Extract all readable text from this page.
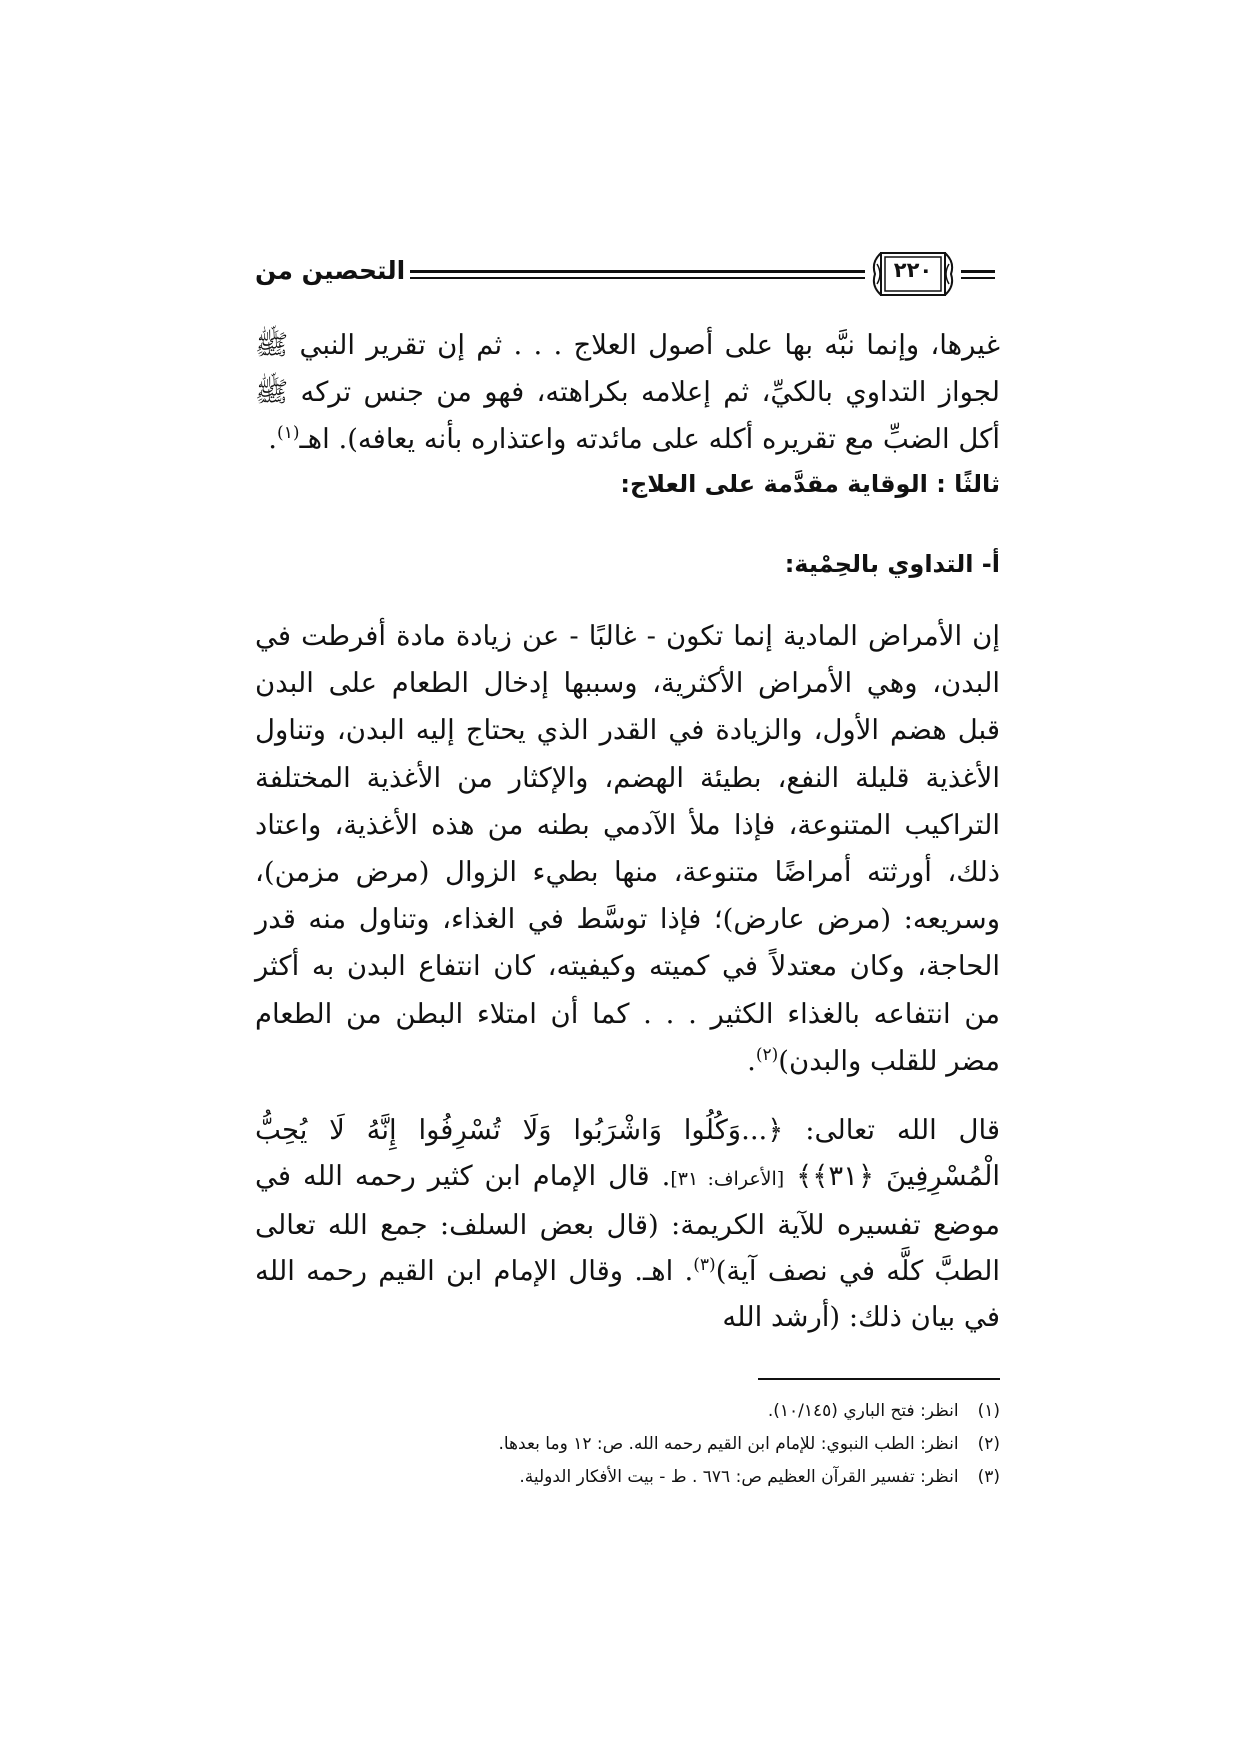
التحصين من	٢٢٠
غيرها، وإنما نبَّه بها على أصول العلاج . . . ثم إن تقرير النبي ﷺ لجواز التداوي بالكيِّ، ثم إعلامه بكراهته، فهو من جنس تركه ﷺ أكل الضبِّ مع تقريره أكله على مائدته واعتذاره بأنه يعافه). اهـ$^{(١)}$.
ثالثًا : الوقاية مقدَّمة على العلاج:
أ- التداوي بالحِمْية:
إن الأمراض المادية إنما تكون - غالبًا - عن زيادة مادة أفرطت في البدن، وهي الأمراض الأكثرية، وسببها إدخال الطعام على البدن قبل هضم الأول، والزيادة في القدر الذي يحتاج إليه البدن، وتناول الأغذية قليلة النفع، بطيئة الهضم، والإكثار من الأغذية المختلفة التراكيب المتنوعة، فإذا ملأ الآدمي بطنه من هذه الأغذية، واعتاد ذلك، أورثته أمراضًا متنوعة، منها بطيء الزوال (مرض مزمن)، وسريعه: (مرض عارض)؛ فإذا توسَّط في الغذاء، وتناول منه قدر الحاجة، وكان معتدلاً في كميته وكيفيته، كان انتفاع البدن به أكثر من انتفاعه بالغذاء الكثير . . . كما أن امتلاء البطن من الطعام مضر للقلب والبدن)$^{(٢)}$.
قال الله تعالى: ﴿...وَكُلُوا وَاشْرَبُوا وَلَا تُسْرِفُوا إِنَّهُ لَا يُحِبُّ الْمُسْرِفِينَ ﴿٣١﴾﴾ [الأعراف: ٣١]. قال الإمام ابن كثير رحمه الله في موضع تفسيره للآية الكريمة: (قال بعض السلف: جمع الله تعالى الطبَّ كلَّه في نصف آية)$^{(٣)}$. اهـ. وقال الإمام ابن القيم رحمه الله في بيان ذلك: (أرشد الله
(١) انظر: فتح الباري (١٠/١٤٥).
(٢) انظر: الطب النبوي: للإمام ابن القيم رحمه الله. ص: ١٢ وما بعدها.
(٣) انظر: تفسير القرآن العظيم ص: ٦٧٦ . ط - بيت الأفكار الدولية.
